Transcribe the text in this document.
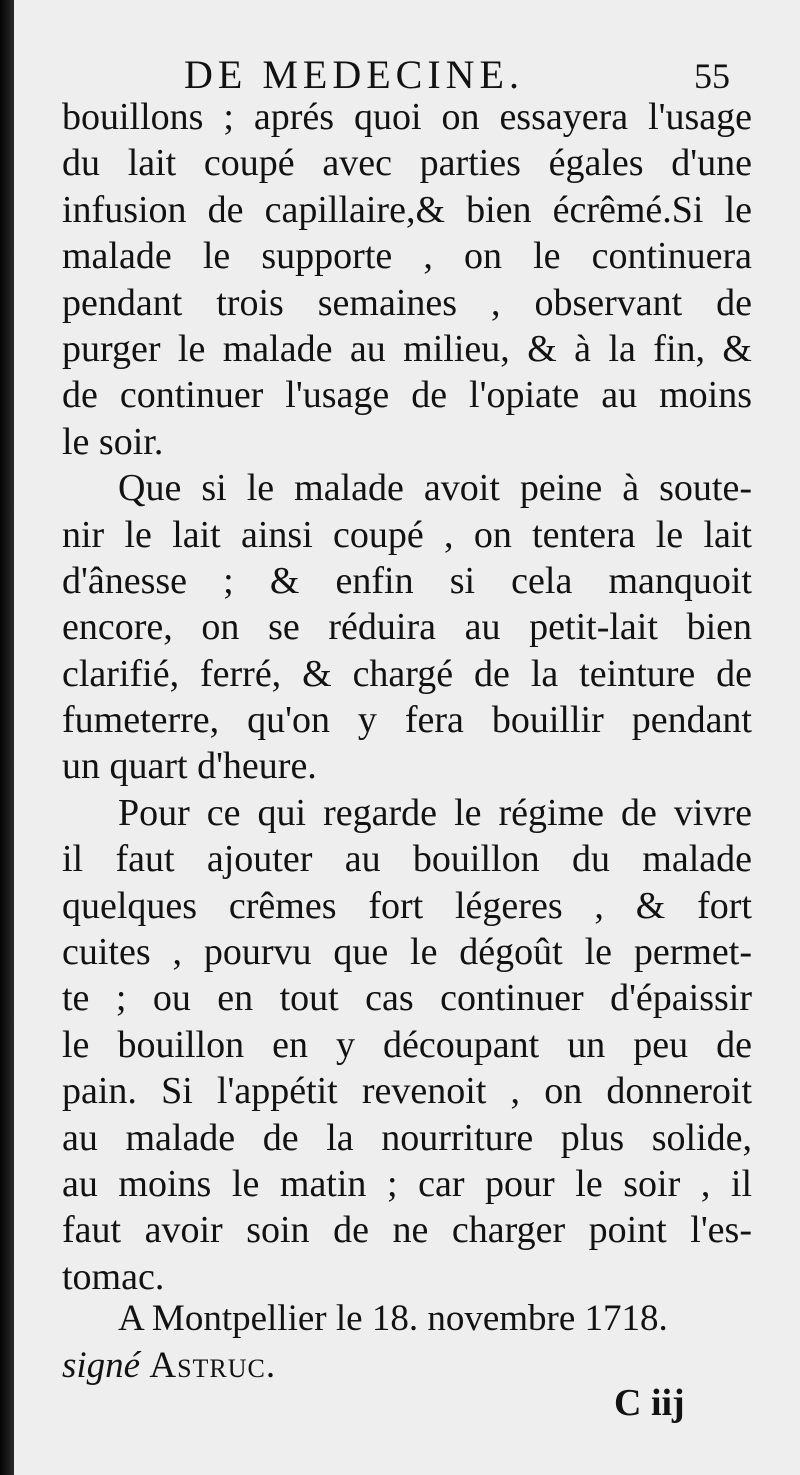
DE MEDECINE.	55
bouillons ; aprés quoi on essayera l'usage
du lait coupé avec parties égales d'une
infusion de capillaire,& bien écrêmé.Si le
malade le supporte , on le continuera
pendant trois semaines , observant de
purger le malade au milieu, & à la fin, &
de continuer l'usage de l'opiate au moins
le soir.
Que si le malade avoit peine à soute-
nir le lait ainsi coupé , on tentera le lait
d'ânesse ; & enfin si cela manquoit
encore, on se réduira au petit-lait bien
clarifié, ferré, & chargé de la teinture de
fumeterre, qu'on y fera bouillir pendant
un quart d'heure.
Pour ce qui regarde le régime de vivre
il faut ajouter au bouillon du malade
quelques crêmes fort légeres , & fort
cuites , pourvu que le dégoût le permet-
te ; ou en tout cas continuer d'épaissir
le bouillon en y découpant un peu de
pain. Si l'appétit revenoit , on donneroit
au malade de la nourriture plus solide,
au moins le matin ; car pour le soir , il
faut avoir soin de ne charger point l'es-
tomac.
A Montpellier le 18. novembre 1718.
signé Astruc.
C iij
